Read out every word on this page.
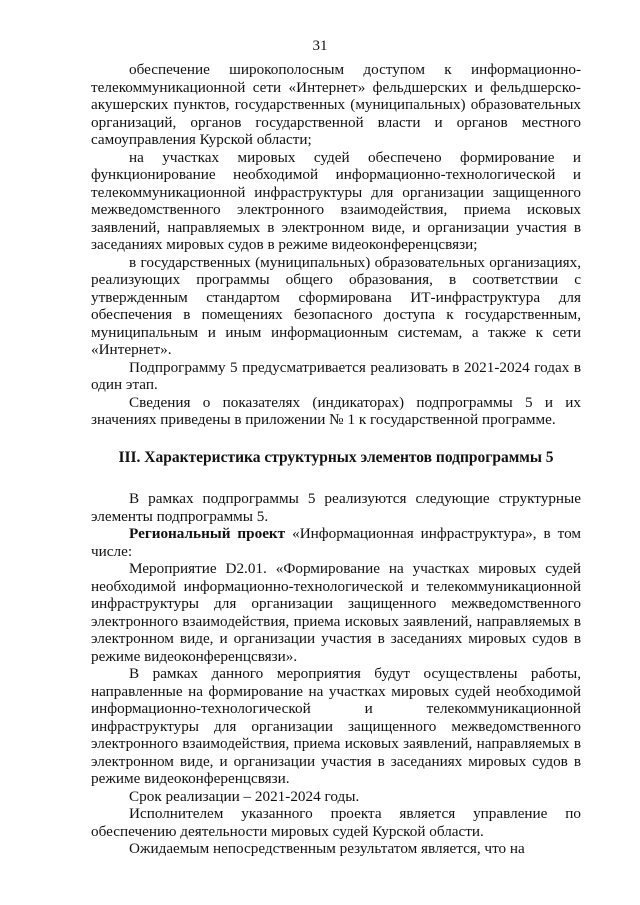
31

обеспечение широкополосным доступом к информационно-телекоммуникационной сети «Интернет» фельдшерских и фельдшерско-акушерских пунктов, государственных (муниципальных) образовательных организаций, органов государственной власти и органов местного самоуправления Курской области;

на участках мировых судей обеспечено формирование и функционирование необходимой информационно-технологической и телекоммуникационной инфраструктуры для организации защищенного межведомственного электронного взаимодействия, приема исковых заявлений, направляемых в электронном виде, и организации участия в заседаниях мировых судов в режиме видеоконференцсвязи;

в государственных (муниципальных) образовательных организациях, реализующих программы общего образования, в соответствии с утвержденным стандартом сформирована ИТ-инфраструктура для обеспечения в помещениях безопасного доступа к государственным, муниципальным и иным информационным системам, а также к сети «Интернет».

Подпрограмму 5 предусматривается реализовать в 2021-2024 годах в один этап.

Сведения о показателях (индикаторах) подпрограммы 5 и их значениях приведены в приложении № 1 к государственной программе.

III. Характеристика структурных элементов подпрограммы 5

В рамках подпрограммы 5 реализуются следующие структурные элементы подпрограммы 5.

Региональный проект «Информационная инфраструктура», в том числе:

Мероприятие D2.01. «Формирование на участках мировых судей необходимой информационно-технологической и телекоммуникационной инфраструктуры для организации защищенного межведомственного электронного взаимодействия, приема исковых заявлений, направляемых в электронном виде, и организации участия в заседаниях мировых судов в режиме видеоконференцсвязи».

В рамках данного мероприятия будут осуществлены работы, направленные на формирование на участках мировых судей необходимой информационно-технологической и телекоммуникационной инфраструктуры для организации защищенного межведомственного электронного взаимодействия, приема исковых заявлений, направляемых в электронном виде, и организации участия в заседаниях мировых судов в режиме видеоконференцсвязи.

Срок реализации – 2021-2024 годы.

Исполнителем указанного проекта является управление по обеспечению деятельности мировых судей Курской области.

Ожидаемым непосредственным результатом является, что на
